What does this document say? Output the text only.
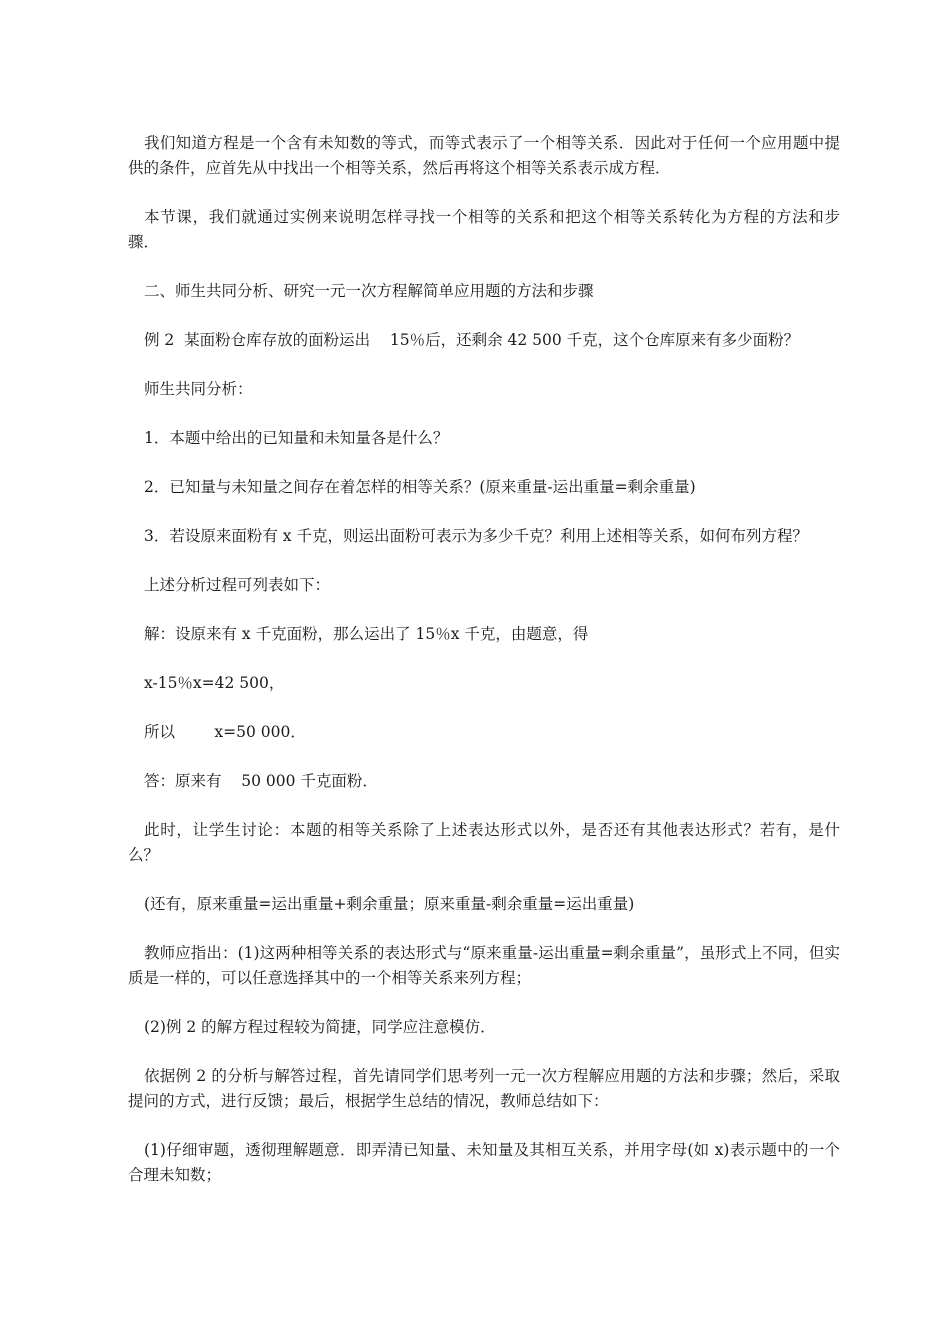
我们知道方程是一个含有未知数的等式，而等式表示了一个相等关系．因此对于任何一个应用题中提供的条件，应首先从中找出一个相等关系，然后再将这个相等关系表示成方程．

本节课，我们就通过实例来说明怎样寻找一个相等的关系和把这个相等关系转化为方程的方法和步骤．

二、师生共同分析、研究一元一次方程解简单应用题的方法和步骤

例 2  某面粉仓库存放的面粉运出    15％后，还剩余 42 500 千克，这个仓库原来有多少面粉？

师生共同分析：

1．本题中给出的已知量和未知量各是什么？

2．已知量与未知量之间存在着怎样的相等关系？(原来重量-运出重量=剩余重量)

3．若设原来面粉有 x 千克，则运出面粉可表示为多少千克？利用上述相等关系，如何布列方程？

上述分析过程可列表如下：

解：设原来有 x 千克面粉，那么运出了 15％x 千克，由题意，得

x-15％x=42 500，

所以        x=50 000．

答：原来有    50 000 千克面粉．

此时，让学生讨论：本题的相等关系除了上述表达形式以外，是否还有其他表达形式？若有，是什么？

(还有，原来重量=运出重量+剩余重量；原来重量-剩余重量=运出重量)

教师应指出：(1)这两种相等关系的表达形式与“原来重量-运出重量=剩余重量”，虽形式上不同，但实质是一样的，可以任意选择其中的一个相等关系来列方程；

(2)例 2 的解方程过程较为简捷，同学应注意模仿．

依据例 2 的分析与解答过程，首先请同学们思考列一元一次方程解应用题的方法和步骤；然后，采取提问的方式，进行反馈；最后，根据学生总结的情况，教师总结如下：

(1)仔细审题，透彻理解题意．即弄清已知量、未知量及其相互关系，并用字母(如 x)表示题中的一个合理未知数；
